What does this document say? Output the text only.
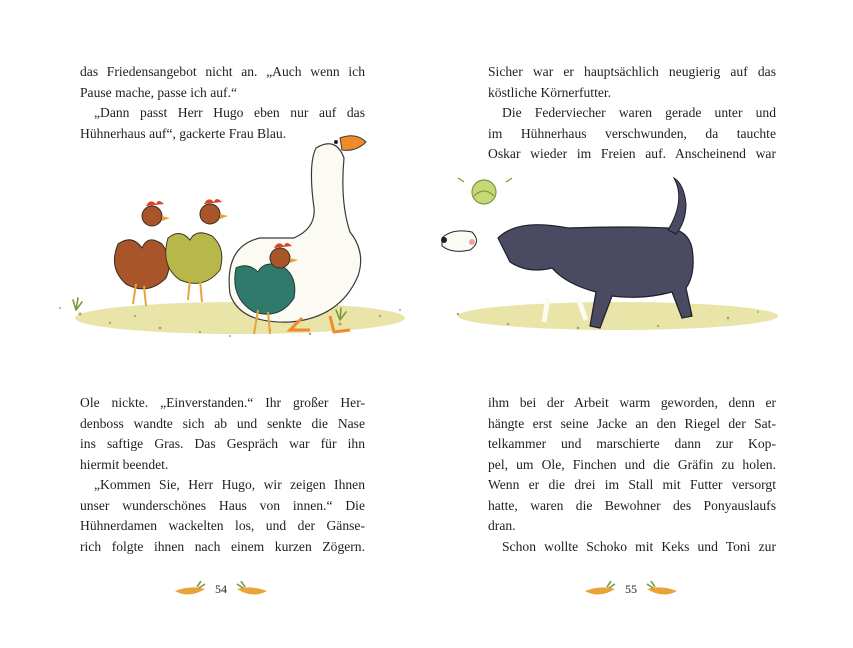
das Friedensangebot nicht an. „Auch wenn ich
Pause mache, passe ich auf.“
„Dann passt Herr Hugo eben nur auf das
Hühnerhaus auf“, gackerte Frau Blau.
Ole nickte. „Einverstanden.“ Ihr großer Her-
denboss wandte sich ab und senkte die Nase
ins saftige Gras. Das Gespräch war für ihn
hiermit beendet.
„Kommen Sie, Herr Hugo, wir zeigen Ihnen
unser wunderschönes Haus von innen.“ Die
Hühnerdamen wackelten los, und der Gänse-
rich folgte ihnen nach einem kurzen Zögern.
54
Sicher war er hauptsächlich neugierig auf das
köstliche Körnerfutter.
Die Federviecher waren gerade unter und
im Hühnerhaus verschwunden, da tauchte
Oskar wieder im Freien auf. Anscheinend war
ihm bei der Arbeit warm geworden, denn er
hängte erst seine Jacke an den Riegel der Sat-
telkammer und marschierte dann zur Kop-
pel, um Ole, Finchen und die Gräfin zu holen.
Wenn er die drei im Stall mit Futter versorgt
hatte, waren die Bewohner des Ponyauslaufs
dran.
Schon wollte Schoko mit Keks und Toni zur
55
